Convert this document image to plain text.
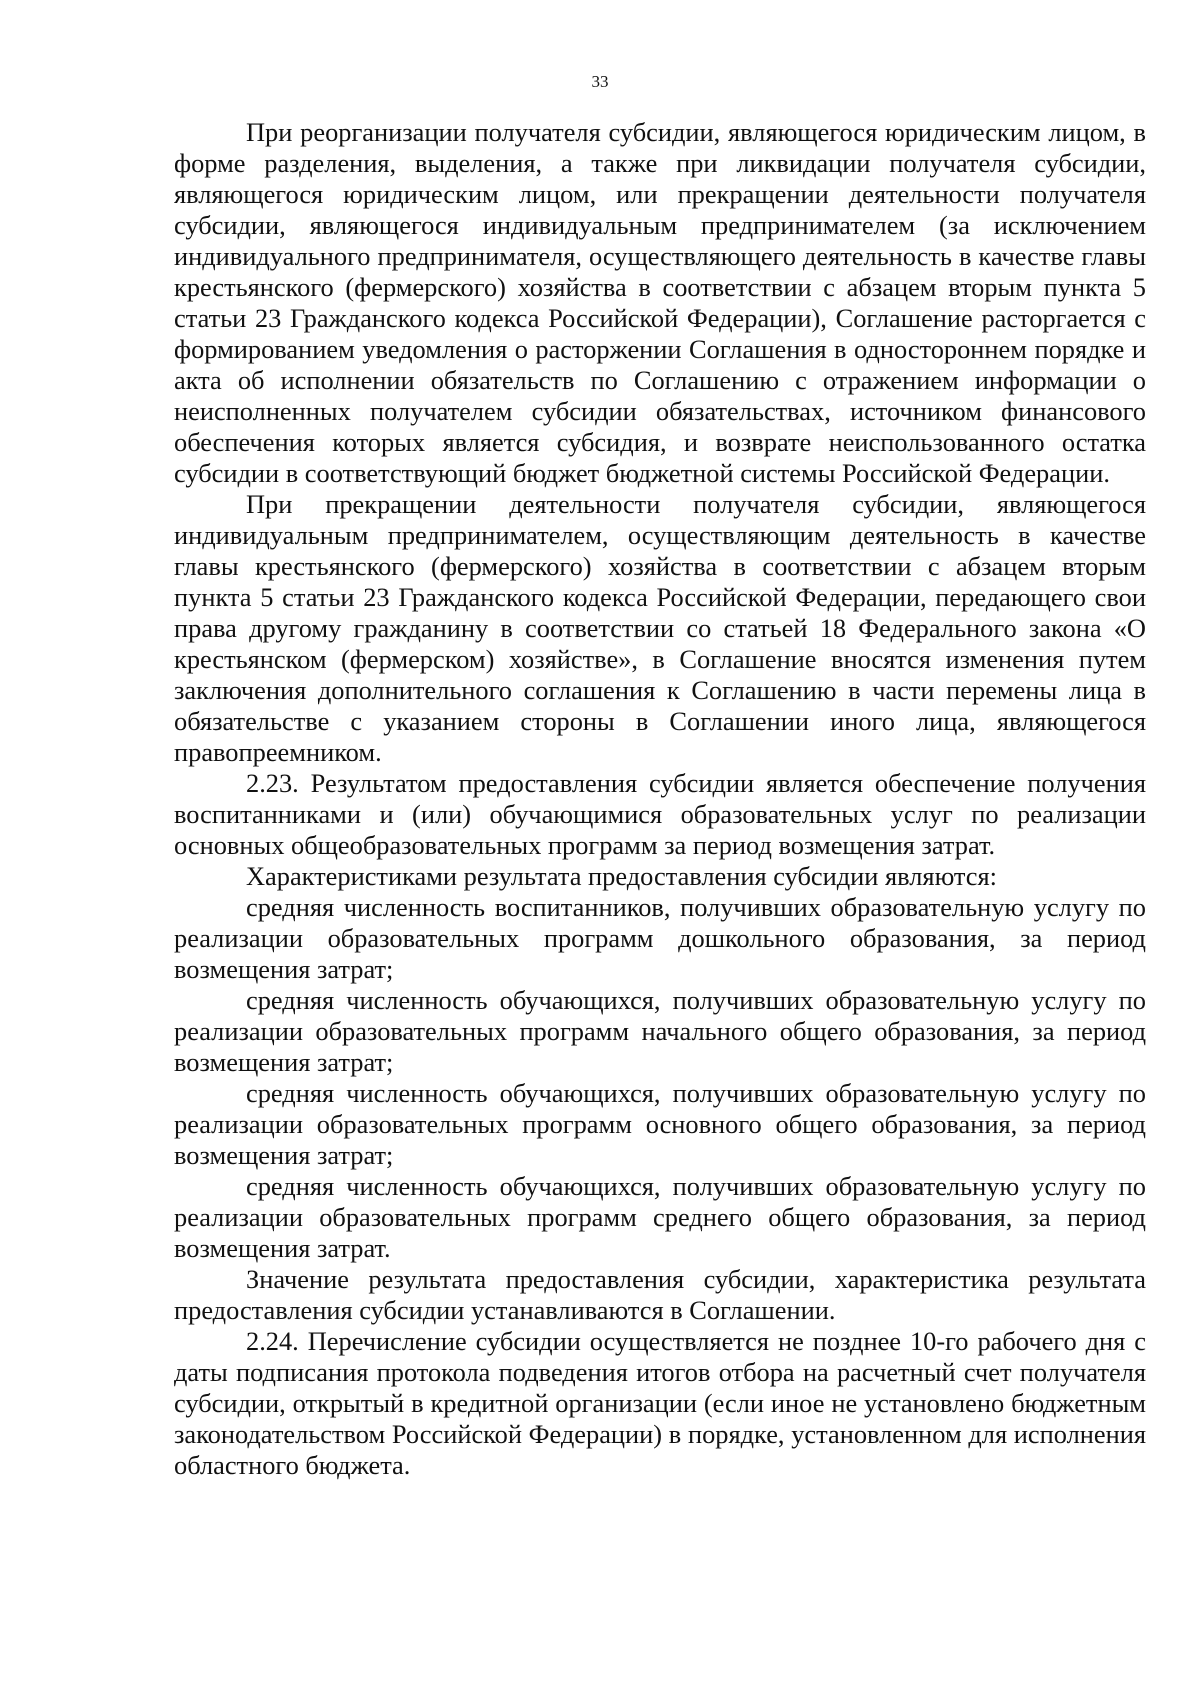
33

При реорганизации получателя субсидии, являющегося юридическим лицом, в форме разделения, выделения, а также при ликвидации получателя субсидии, являющегося юридическим лицом, или прекращении деятельности получателя субсидии, являющегося индивидуальным предпринимателем (за исключением индивидуального предпринимателя, осуществляющего деятельность в качестве главы крестьянского (фермерского) хозяйства в соответствии с абзацем вторым пункта 5 статьи 23 Гражданского кодекса Российской Федерации), Соглашение расторгается с формированием уведомления о расторжении Соглашения в одностороннем порядке и акта об исполнении обязательств по Соглашению с отражением информации о неисполненных получателем субсидии обязательствах, источником финансового обеспечения которых является субсидия, и возврате неиспользованного остатка субсидии в соответствующий бюджет бюджетной системы Российской Федерации.

При прекращении деятельности получателя субсидии, являющегося индивидуальным предпринимателем, осуществляющим деятельность в качестве главы крестьянского (фермерского) хозяйства в соответствии с абзацем вторым пункта 5 статьи 23 Гражданского кодекса Российской Федерации, передающего свои права другому гражданину в соответствии со статьей 18 Федерального закона «О крестьянском (фермерском) хозяйстве», в Соглашение вносятся изменения путем заключения дополнительного соглашения к Соглашению в части перемены лица в обязательстве с указанием стороны в Соглашении иного лица, являющегося правопреемником.

2.23. Результатом предоставления субсидии является обеспечение получения воспитанниками и (или) обучающимися образовательных услуг по реализации основных общеобразовательных программ за период возмещения затрат.

Характеристиками результата предоставления субсидии являются:

средняя численность воспитанников, получивших образовательную услугу по реализации образовательных программ дошкольного образования, за период возмещения затрат;

средняя численность обучающихся, получивших образовательную услугу по реализации образовательных программ начального общего образования, за период возмещения затрат;

средняя численность обучающихся, получивших образовательную услугу по реализации образовательных программ основного общего образования, за период возмещения затрат;

средняя численность обучающихся, получивших образовательную услугу по реализации образовательных программ среднего общего образования, за период возмещения затрат.

Значение результата предоставления субсидии, характеристика результата предоставления субсидии устанавливаются в Соглашении.

2.24. Перечисление субсидии осуществляется не позднее 10-го рабочего дня с даты подписания протокола подведения итогов отбора на расчетный счет получателя субсидии, открытый в кредитной организации (если иное не установлено бюджетным законодательством Российской Федерации) в порядке, установленном для исполнения областного бюджета.
